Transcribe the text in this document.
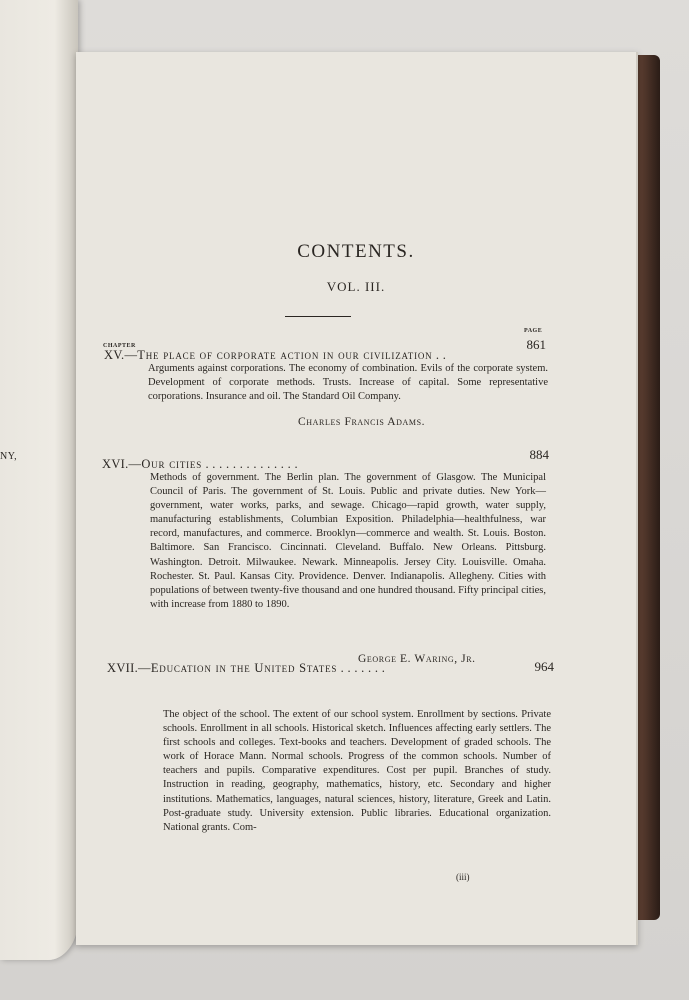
NY,
CONTENTS.
VOL. III.
PAGE
CHAPTER
XV.—The place of corporate action in our civilization . .
861
Arguments against corporations. The economy of combination. Evils of the corporate system. Development of corporate methods. Trusts. Increase of capital. Some representative corporations. Insurance and oil. The Standard Oil Company.
Charles Francis Adams.
XVI.—Our cities . . . . . . . . . . . . . .
884
Methods of government. The Berlin plan. The government of Glasgow. The Municipal Council of Paris. The government of St. Louis. Public and private duties. New York—government, water works, parks, and sewage. Chicago—rapid growth, water supply, manufacturing establishments, Columbian Exposition. Philadelphia—healthfulness, war record, manufactures, and commerce. Brooklyn—commerce and wealth. St. Louis. Boston. Baltimore. San Francisco. Cincinnati. Cleveland. Buffalo. New Orleans. Pittsburg. Washington. Detroit. Milwaukee. Newark. Minneapolis. Jersey City. Louisville. Omaha. Rochester. St. Paul. Kansas City. Providence. Denver. Indianapolis. Allegheny. Cities with populations of between twenty-five thousand and one hundred thousand. Fifty principal cities, with increase from 1880 to 1890.
George E. Waring, Jr.
XVII.—Education in the United States . . . . . . .	964
The object of the school. The extent of our school system. Enrollment by sections. Private schools. Enrollment in all schools. Historical sketch. Influences affecting early settlers. The first schools and colleges. Text-books and teachers. Development of graded schools. The work of Horace Mann. Normal schools. Progress of the common schools. Number of teachers and pupils. Comparative expenditures. Cost per pupil. Branches of study. Instruction in reading, geography, mathematics, history, etc. Secondary and higher institutions. Mathematics, languages, natural sciences, history, literature, Greek and Latin. Post-graduate study. University extension. Public libraries. Educational organization. National grants. Com-
(iii)
